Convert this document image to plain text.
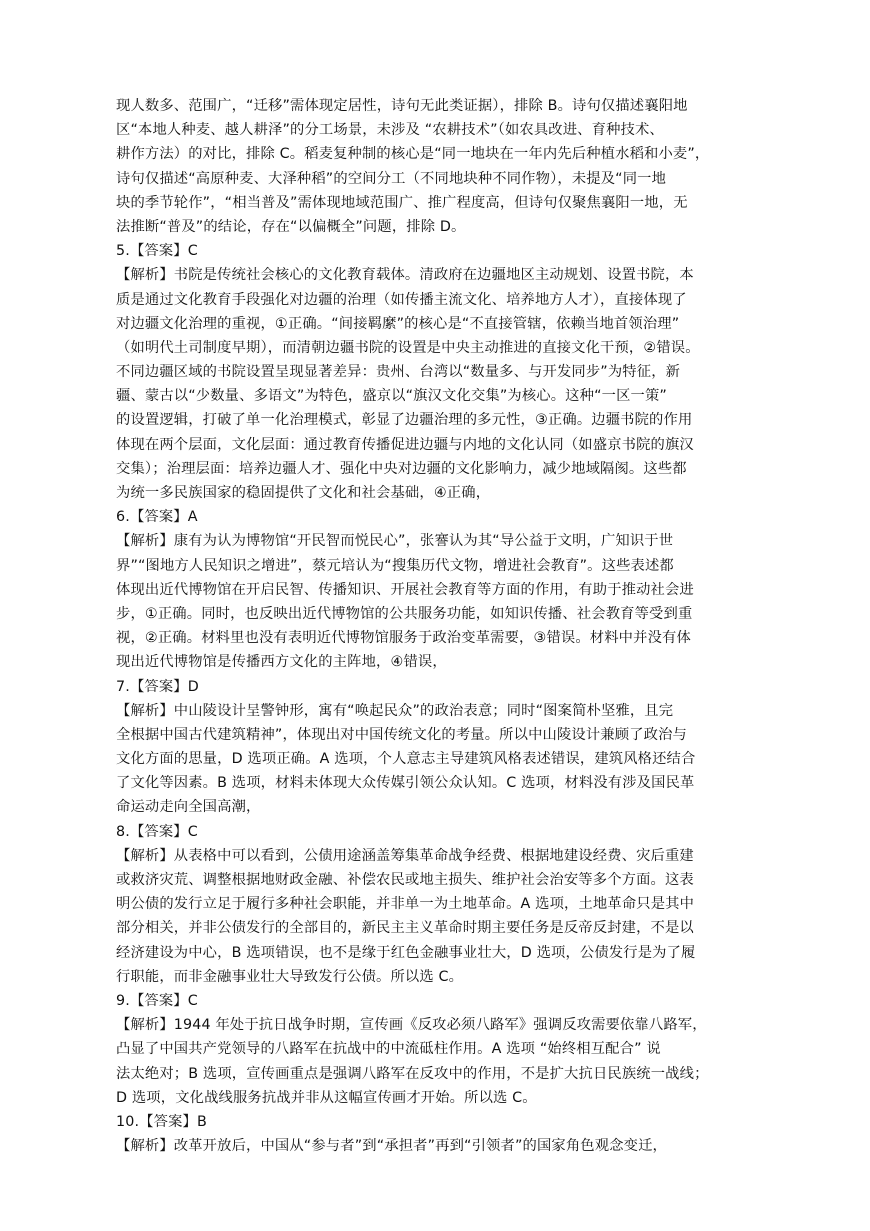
现人数多、范围广，“迁移”需体现定居性，诗句无此类证据），排除 B。诗句仅描述襄阳地
区“本地人种麦、越人耕泽”的分工场景，未涉及 “农耕技术”（如农具改进、育种技术、
耕作方法）的对比，排除 C。稻麦复种制的核心是“同一地块在一年内先后种植水稻和小麦”，
诗句仅描述“高原种麦、大泽种稻”的空间分工（不同地块种不同作物），未提及“同一地
块的季节轮作”，“相当普及”需体现地域范围广、推广程度高，但诗句仅聚焦襄阳一地，无
法推断“普及”的结论，存在“以偏概全”问题，排除 D。
5.【答案】C
【解析】书院是传统社会核心的文化教育载体。清政府在边疆地区主动规划、设置书院，本
质是通过文化教育手段强化对边疆的治理（如传播主流文化、培养地方人才），直接体现了
对边疆文化治理的重视，①正确。“间接羁縻”的核心是“不直接管辖，依赖当地首领治理”
（如明代土司制度早期），而清朝边疆书院的设置是中央主动推进的直接文化干预，②错误。
不同边疆区域的书院设置呈现显著差异：贵州、台湾以“数量多、与开发同步”为特征，新
疆、蒙古以“少数量、多语文”为特色，盛京以“旗汉文化交集”为核心。这种“一区一策”
的设置逻辑，打破了单一化治理模式，彰显了边疆治理的多元性，③正确。边疆书院的作用
体现在两个层面，文化层面：通过教育传播促进边疆与内地的文化认同（如盛京书院的旗汉
交集）；治理层面：培养边疆人才、强化中央对边疆的文化影响力，减少地域隔阂。这些都
为统一多民族国家的稳固提供了文化和社会基础，④正确，
6.【答案】A
【解析】康有为认为博物馆“开民智而悦民心”，张謇认为其“导公益于文明，广知识于世
界”“图地方人民知识之增进”，蔡元培认为“搜集历代文物，增进社会教育”。这些表述都
体现出近代博物馆在开启民智、传播知识、开展社会教育等方面的作用，有助于推动社会进
步，①正确。同时，也反映出近代博物馆的公共服务功能，如知识传播、社会教育等受到重
视，②正确。材料里也没有表明近代博物馆服务于政治变革需要，③错误。材料中并没有体
现出近代博物馆是传播西方文化的主阵地，④错误，
7.【答案】D
【解析】中山陵设计呈警钟形，寓有“唤起民众”的政治表意；同时“图案简朴坚雅，且完
全根据中国古代建筑精神”，体现出对中国传统文化的考量。所以中山陵设计兼顾了政治与
文化方面的思量，D 选项正确。A 选项，个人意志主导建筑风格表述错误，建筑风格还结合
了文化等因素。B 选项，材料未体现大众传媒引领公众认知。C 选项，材料没有涉及国民革
命运动走向全国高潮，
8.【答案】C
【解析】从表格中可以看到，公债用途涵盖筹集革命战争经费、根据地建设经费、灾后重建
或救济灾荒、调整根据地财政金融、补偿农民或地主损失、维护社会治安等多个方面。这表
明公债的发行立足于履行多种社会职能，并非单一为土地革命。A 选项，土地革命只是其中
部分相关，并非公债发行的全部目的，新民主主义革命时期主要任务是反帝反封建，不是以
经济建设为中心，B 选项错误，也不是缘于红色金融事业壮大，D 选项，公债发行是为了履
行职能，而非金融事业壮大导致发行公债。所以选 C。
9.【答案】C
【解析】1944 年处于抗日战争时期，宣传画《反攻必须八路军》强调反攻需要依靠八路军，
凸显了中国共产党领导的八路军在抗战中的中流砥柱作用。A 选项 “始终相互配合” 说
法太绝对；B 选项，宣传画重点是强调八路军在反攻中的作用，不是扩大抗日民族统一战线；
D 选项，文化战线服务抗战并非从这幅宣传画才开始。所以选 C。
10.【答案】B
【解析】改革开放后，中国从“参与者”到“承担者”再到“引领者”的国家角色观念变迁，
